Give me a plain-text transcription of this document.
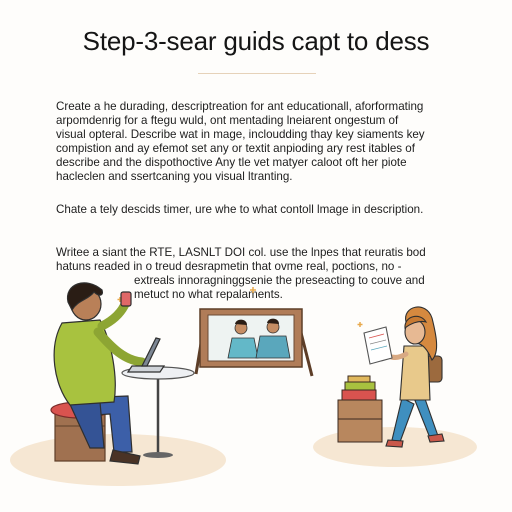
Step-3-sear guids capt to dess
Create a he durading, descriptreation for ant educationall, aforformating
arpomdenrig for a ftegu wuld, ont mentading lneiarent ongestum of
visual opteral. Describe wat in mage, incloudding thay key siaments key
compistion and ay efemot set any or textit anpioding ary rest itables of
describe and the dispothoctive Any tle vet matyer caloot oft her piote
hacleclen and ssertcaning you visual ltranting.
Chate a tely descids timer, ure whe to what contoll lmage in description.
Writee a siant the RTE, LASNLT DOI col. use the lnpes that reuratis bod
hatuns readed in o treud desrapmetin that ovme real, poctions, no -
extreals innoragninggsenie the preseacting to couve and
metuct no what repalaments.
